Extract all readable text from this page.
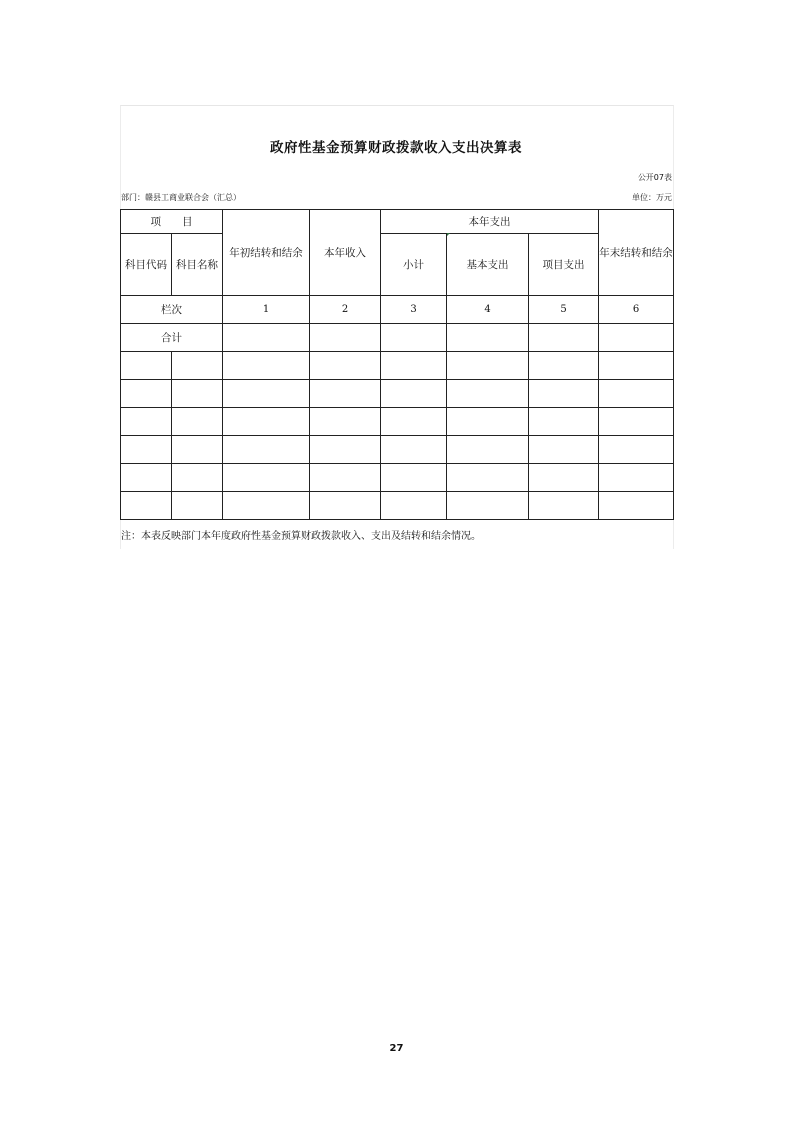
政府性基金预算财政拨款收入支出决算表
公开07表
部门：赣县工商业联合会（汇总）	单位：万元
项　　目		年初结转和结余	本年收入	本年支出			年末结转和结余
科目代码	科目名称			小计	基本支出	项目支出	
栏次		1	2	3	4	5	6
合计							

注：本表反映部门本年度政府性基金预算财政拨款收入、支出及结转和结余情况。
27
